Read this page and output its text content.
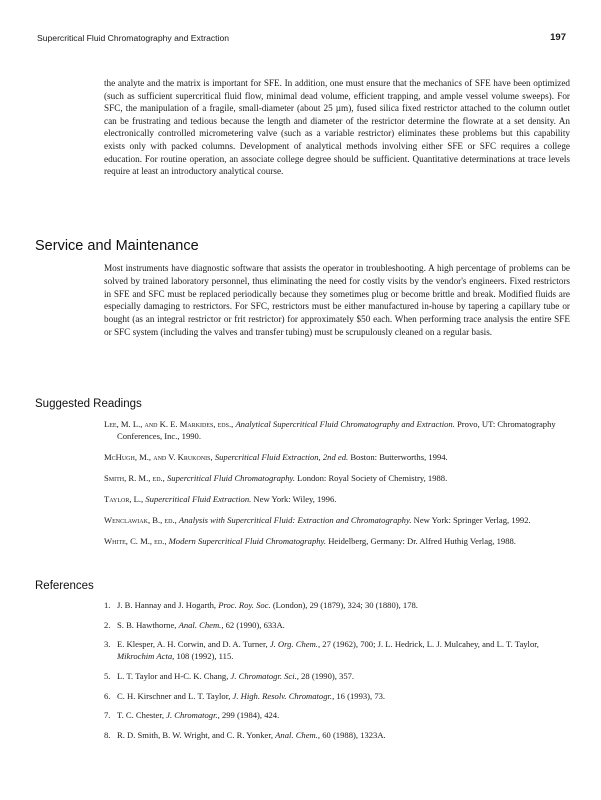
Supercritical Fluid Chromatography and Extraction	197

the analyte and the matrix is important for SFE. In addition, one must ensure that the mechanics of SFE have been optimized (such as sufficient supercritical fluid flow, minimal dead volume, efficient trapping, and ample vessel volume sweeps). For SFC, the manipulation of a fragile, small-diameter (about 25 µm), fused silica fixed restrictor attached to the column outlet can be frustrating and tedious because the length and diameter of the restrictor determine the flowrate at a set density. An electronically controlled micrometering valve (such as a variable restrictor) eliminates these problems but this capability exists only with packed columns. Development of analytical methods involving either SFE or SFC requires a college education. For routine operation, an associate college degree should be sufficient. Quantitative determinations at trace levels require at least an introductory analytical course.

Service and Maintenance

Most instruments have diagnostic software that assists the operator in troubleshooting. A high percentage of problems can be solved by trained laboratory personnel, thus eliminating the need for costly visits by the vendor's engineers. Fixed restrictors in SFE and SFC must be replaced periodically because they sometimes plug or become brittle and break. Modified fluids are especially damaging to restrictors. For SFC, restrictors must be either manufactured in-house by tapering a capillary tube or bought (as an integral restrictor or frit restrictor) for approximately $50 each. When performing trace analysis the entire SFE or SFC system (including the valves and transfer tubing) must be scrupulously cleaned on a regular basis.

Suggested Readings
Lee, M. L., and K. E. Markides, eds., Analytical Supercritical Fluid Chromatography and Extraction. Provo, UT: Chromatography Conferences, Inc., 1990.
McHugh, M., and V. Krukonis, Supercritical Fluid Extraction, 2nd ed. Boston: Butterworths, 1994.
Smith, R. M., ed., Supercritical Fluid Chromatography. London: Royal Society of Chemistry, 1988.
Taylor, L., Supercritical Fluid Extraction. New York: Wiley, 1996.
Wenclawiak, B., ed., Analysis with Supercritical Fluid: Extraction and Chromatography. New York: Springer Verlag, 1992.
White, C. M., ed., Modern Supercritical Fluid Chromatography. Heidelberg, Germany: Dr. Alfred Huthig Verlag, 1988.
References
1. J. B. Hannay and J. Hogarth, Proc. Roy. Soc. (London), 29 (1879), 324; 30 (1880), 178.
2. S. B. Hawthorne, Anal. Chem., 62 (1990), 633A.
3. E. Klesper, A. H. Corwin, and D. A. Turner, J. Org. Chem., 27 (1962), 700; J. L. Hedrick, L. J. Mulcahey, and L. T. Taylor, Mikrochim Acta, 108 (1992), 115.
5. L. T. Taylor and H-C. K. Chang, J. Chromatogr. Sci., 28 (1990), 357.
6. C. H. Kirschner and L. T. Taylor, J. High. Resolv. Chromatogr., 16 (1993), 73.
7. T. C. Chester, J. Chromatogr., 299 (1984), 424.
8. R. D. Smith, B. W. Wright, and C. R. Yonker, Anal. Chem., 60 (1988), 1323A.
